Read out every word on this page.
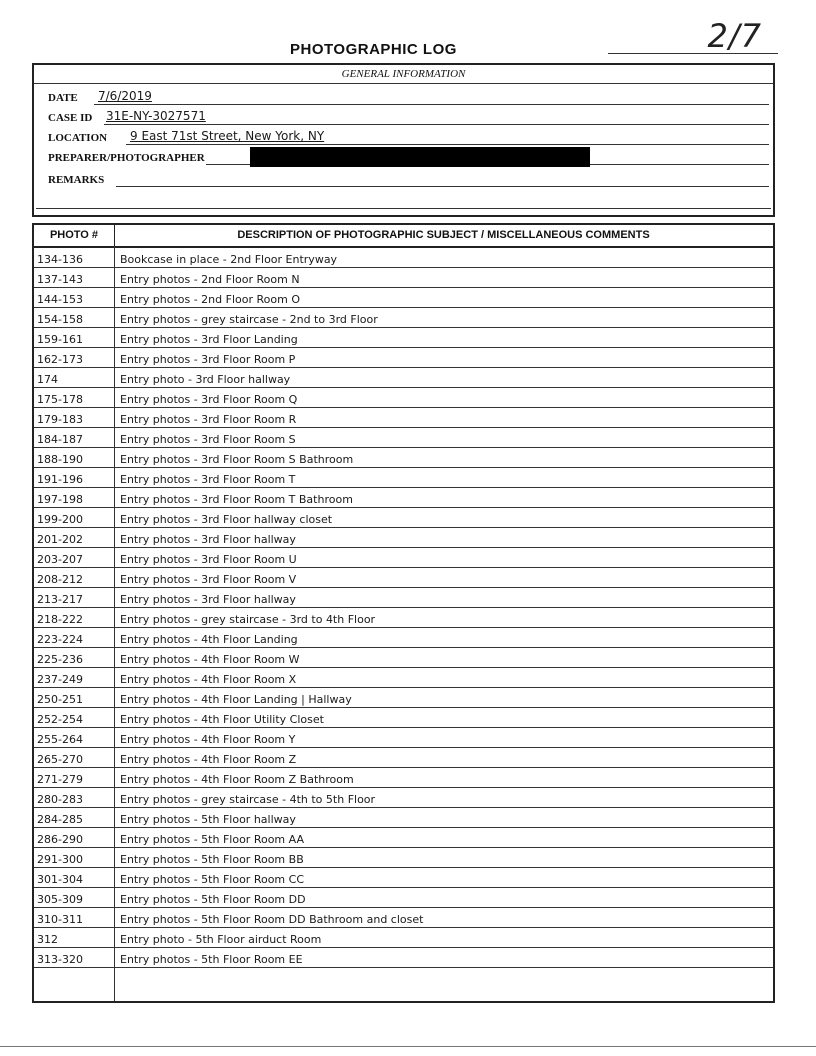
2/7
PHOTOGRAPHIC LOG
GENERAL INFORMATION
DATE 7/6/2019
CASE ID 31E-NY-3027571
LOCATION 9 East 71st Street, New York, NY
PREPARER/PHOTOGRAPHER
REMARKS
PHOTO #	DESCRIPTION OF PHOTOGRAPHIC SUBJECT / MISCELLANEOUS COMMENTS
134-136	Bookcase in place - 2nd Floor Entryway
137-143	Entry photos - 2nd Floor Room N
144-153	Entry photos - 2nd Floor Room O
154-158	Entry photos - grey staircase - 2nd to 3rd Floor
159-161	Entry photos - 3rd Floor Landing
162-173	Entry photos - 3rd Floor Room P
174	Entry photo - 3rd Floor hallway
175-178	Entry photos - 3rd Floor Room Q
179-183	Entry photos - 3rd Floor Room R
184-187	Entry photos - 3rd Floor Room S
188-190	Entry photos - 3rd Floor Room S Bathroom
191-196	Entry photos - 3rd Floor Room T
197-198	Entry photos - 3rd Floor Room T Bathroom
199-200	Entry photos - 3rd Floor hallway closet
201-202	Entry photos - 3rd Floor hallway
203-207	Entry photos - 3rd Floor Room U
208-212	Entry photos - 3rd Floor Room V
213-217	Entry photos - 3rd Floor hallway
218-222	Entry photos - grey staircase - 3rd to 4th Floor
223-224	Entry photos - 4th Floor Landing
225-236	Entry photos - 4th Floor Room W
237-249	Entry photos - 4th Floor Room X
250-251	Entry photos - 4th Floor Landing | Hallway
252-254	Entry photos - 4th Floor Utility Closet
255-264	Entry photos - 4th Floor Room Y
265-270	Entry photos - 4th Floor Room Z
271-279	Entry photos - 4th Floor Room Z Bathroom
280-283	Entry photos - grey staircase - 4th to 5th Floor
284-285	Entry photos - 5th Floor hallway
286-290	Entry photos - 5th Floor Room AA
291-300	Entry photos - 5th Floor Room BB
301-304	Entry photos - 5th Floor Room CC
305-309	Entry photos - 5th Floor Room DD
310-311	Entry photos - 5th Floor Room DD Bathroom and closet
312	Entry photo - 5th Floor airduct Room
313-320	Entry photos - 5th Floor Room EE
